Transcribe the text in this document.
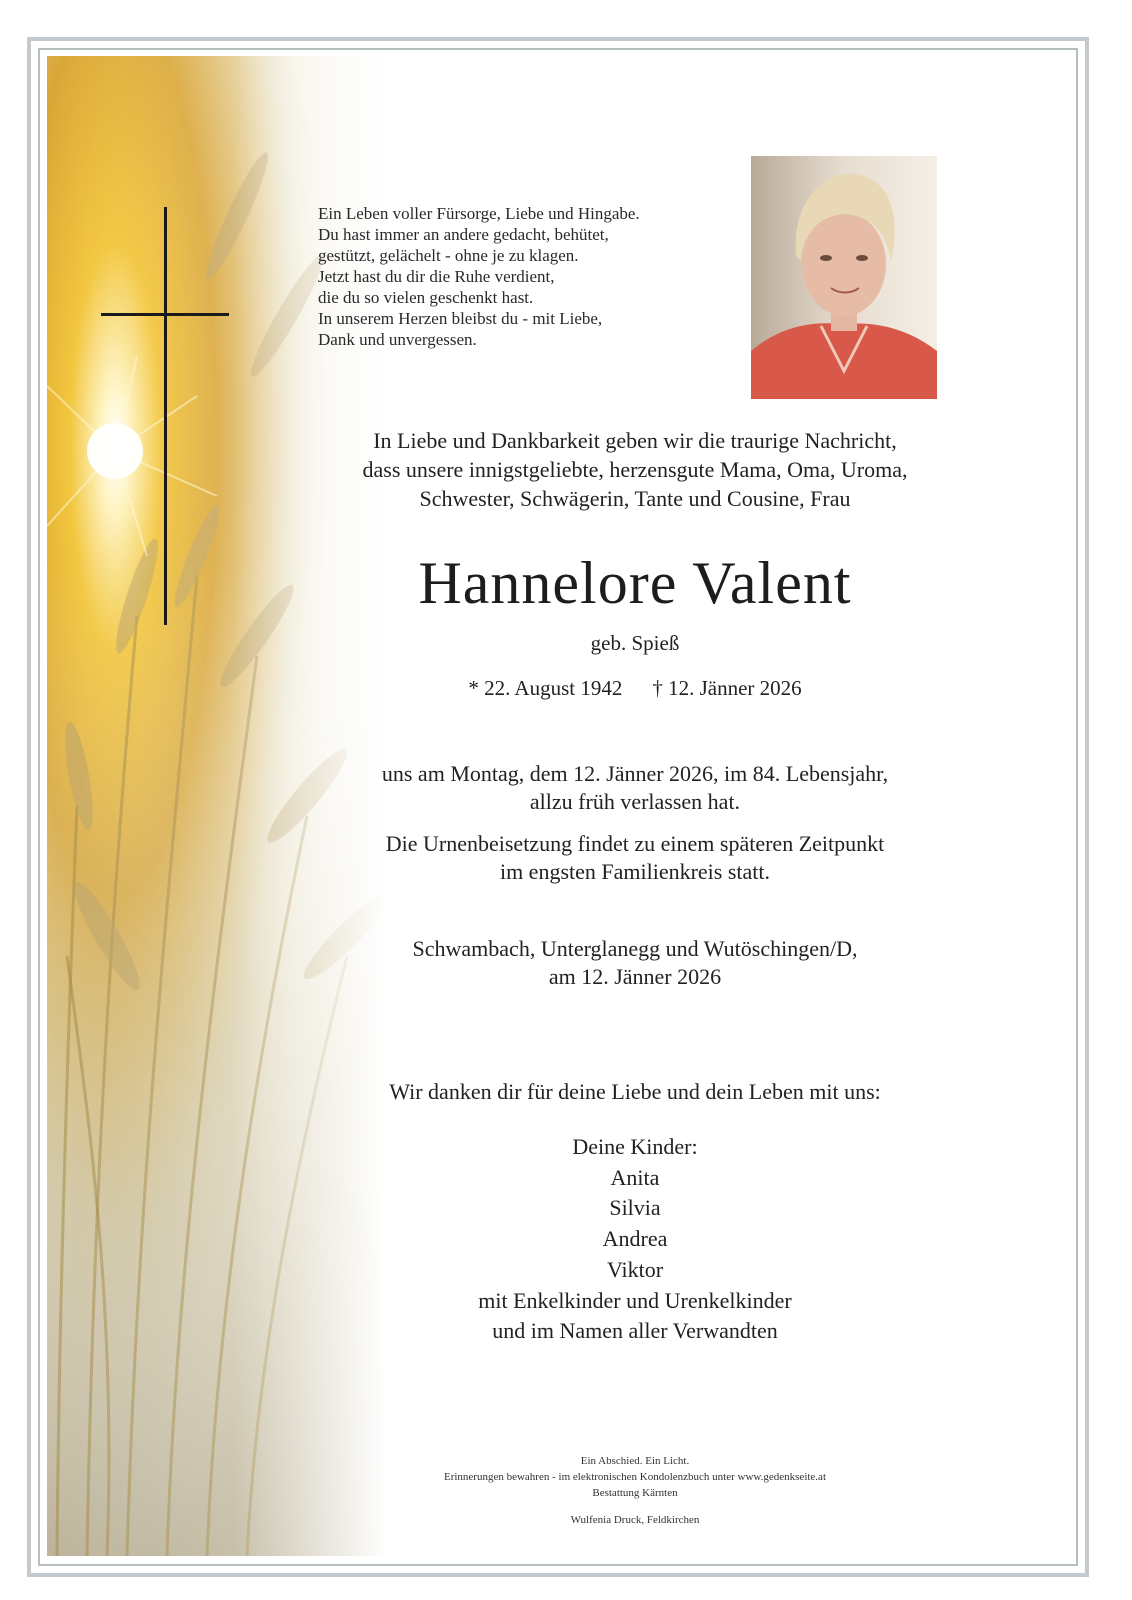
Ein Leben voller Fürsorge, Liebe und Hingabe.
Du hast immer an andere gedacht, behütet,
gestützt, gelächelt - ohne je zu klagen.
Jetzt hast du dir die Ruhe verdient,
die du so vielen geschenkt hast.
In unserem Herzen bleibst du - mit Liebe,
Dank und unvergessen.
In Liebe und Dankbarkeit geben wir die traurige Nachricht,
dass unsere innigstgeliebte, herzensgute Mama, Oma, Uroma,
Schwester, Schwägerin, Tante und Cousine, Frau
Hannelore Valent
geb. Spieß
* 22. August 1942 † 12. Jänner 2026
uns am Montag, dem 12. Jänner 2026, im 84. Lebensjahr,
allzu früh verlassen hat.
Die Urnenbeisetzung findet zu einem späteren Zeitpunkt
im engsten Familienkreis statt.
Schwambach, Unterglanegg und Wutöschingen/D,
am 12. Jänner 2026
Wir danken dir für deine Liebe und dein Leben mit uns:
Deine Kinder:
Anita
Silvia
Andrea
Viktor
mit Enkelkinder und Urenkelkinder
und im Namen aller Verwandten
Ein Abschied. Ein Licht.
Erinnerungen bewahren - im elektronischen Kondolenzbuch unter www.gedenkseite.at
Bestattung Kärnten
Wulfenia Druck, Feldkirchen
